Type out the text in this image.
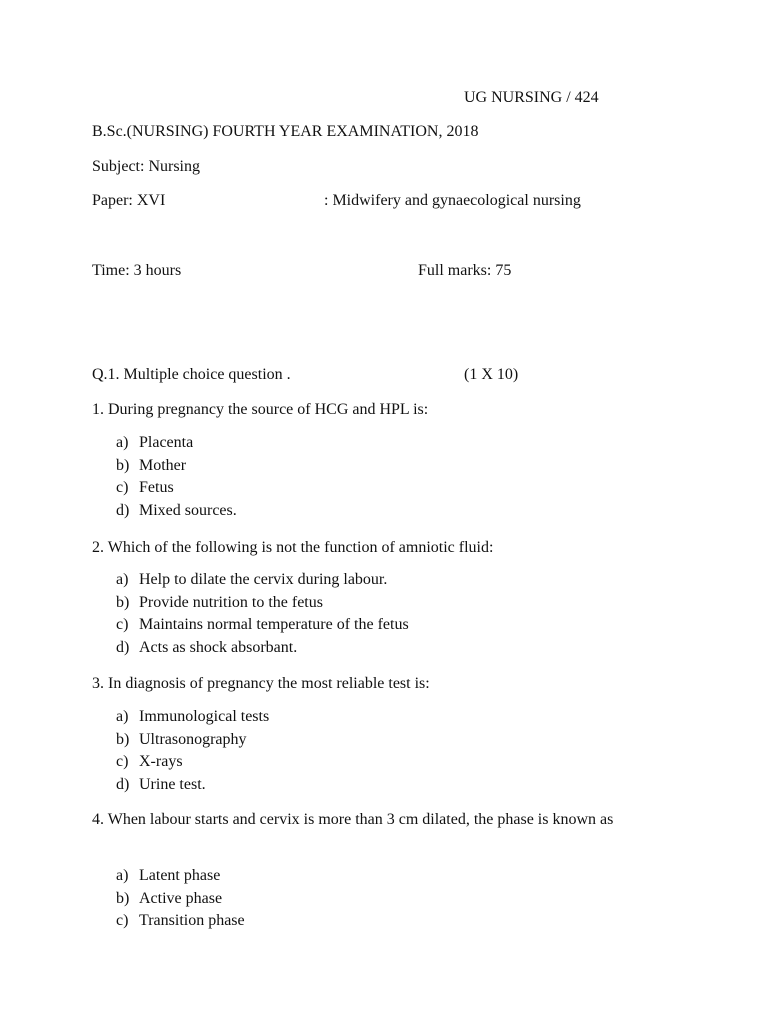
UG NURSING / 424
B.Sc.(NURSING) FOURTH YEAR EXAMINATION, 2018
Subject: Nursing
Paper: XVI	: Midwifery and gynaecological nursing
Time: 3 hours	Full marks: 75
Q.1. Multiple choice question .	(1 X 10)
1. During pregnancy the source of HCG and HPL is:
a) Placenta
b) Mother
c) Fetus
d) Mixed sources.
2. Which of the following is not the function of amniotic fluid:
a) Help to dilate the cervix during labour.
b) Provide nutrition to the fetus
c) Maintains normal temperature of the fetus
d) Acts as shock absorbant.
3. In diagnosis of pregnancy the most reliable test is:
a) Immunological tests
b) Ultrasonography
c) X-rays
d) Urine test.
4. When labour starts and cervix is more than 3 cm dilated, the phase is known as
a) Latent phase
b) Active phase
c) Transition phase
